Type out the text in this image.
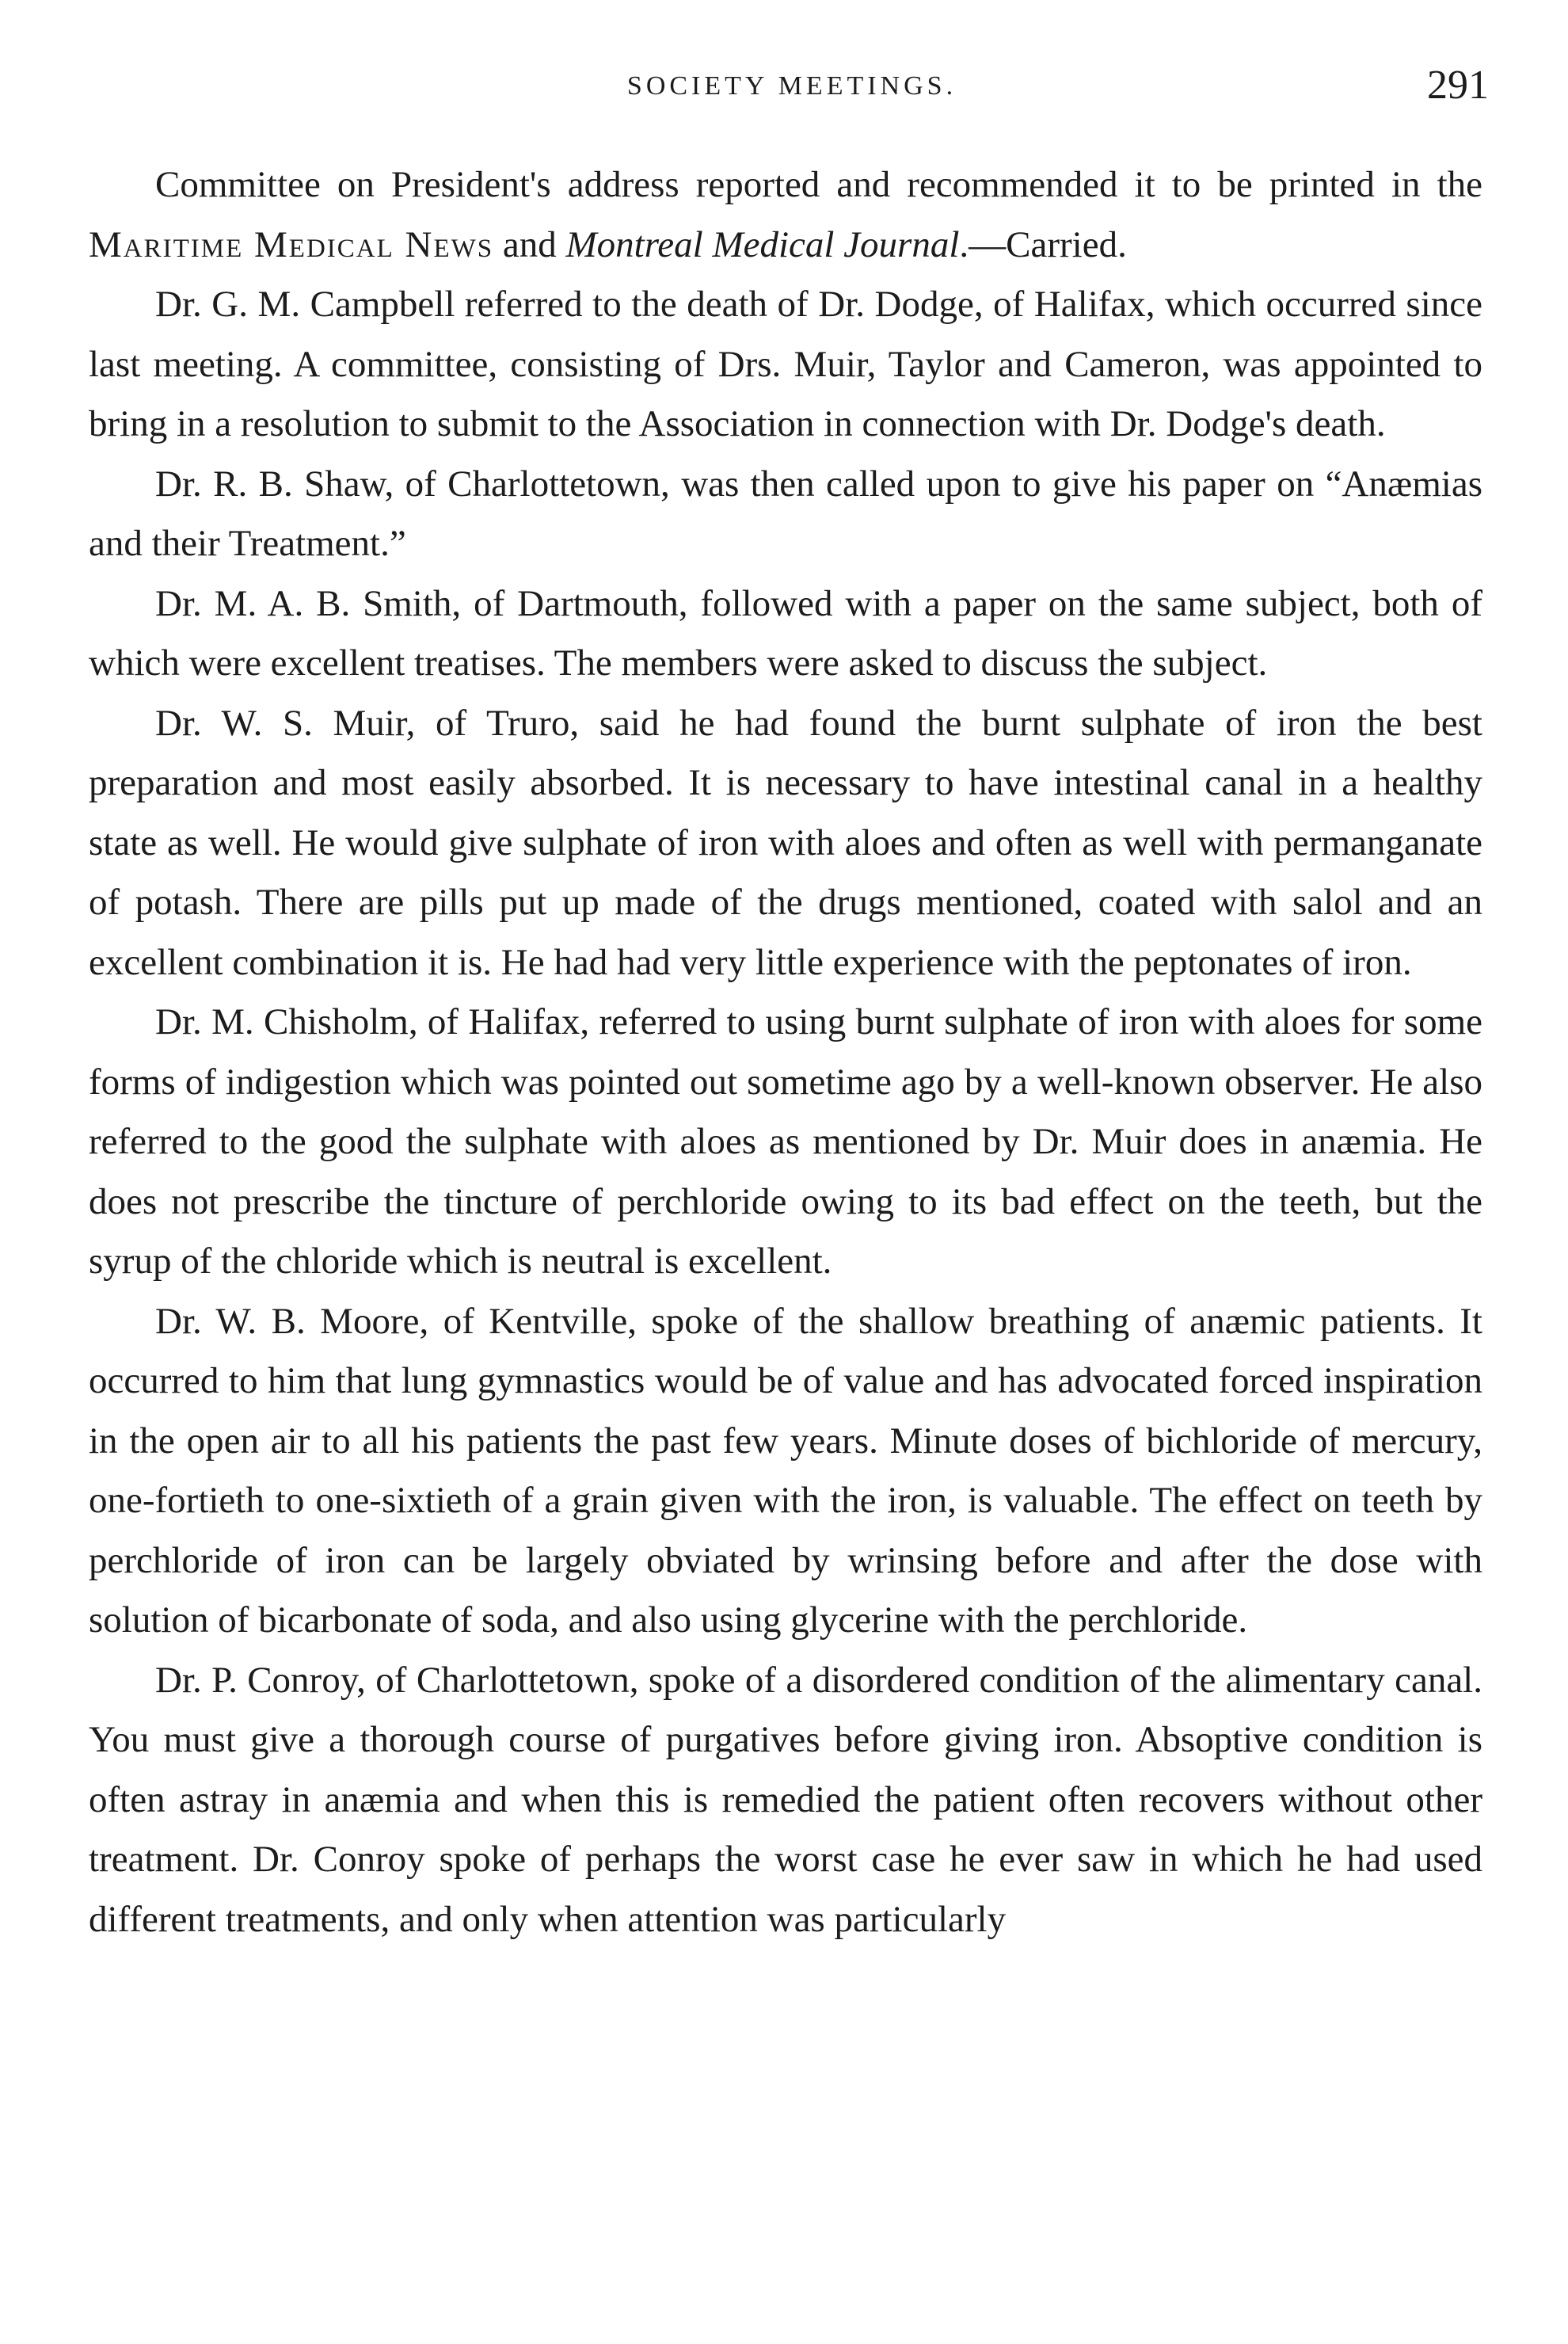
SOCIETY MEETINGS.	291

Committee on President's address reported and recommended it to be printed in the Maritime Medical News and Montreal Medical Journal.—Carried.

Dr. G. M. Campbell referred to the death of Dr. Dodge, of Halifax, which occurred since last meeting. A committee, consisting of Drs. Muir, Taylor and Cameron, was appointed to bring in a resolution to submit to the Association in connection with Dr. Dodge's death.

Dr. R. B. Shaw, of Charlottetown, was then called upon to give his paper on “Anæmias and their Treatment.”

Dr. M. A. B. Smith, of Dartmouth, followed with a paper on the same subject, both of which were excellent treatises. The members were asked to discuss the subject.

Dr. W. S. Muir, of Truro, said he had found the burnt sulphate of iron the best preparation and most easily absorbed. It is necessary to have intestinal canal in a healthy state as well. He would give sulphate of iron with aloes and often as well with permanganate of potash. There are pills put up made of the drugs mentioned, coated with salol and an excellent combination it is. He had had very little experience with the peptonates of iron.

Dr. M. Chisholm, of Halifax, referred to using burnt sulphate of iron with aloes for some forms of indigestion which was pointed out sometime ago by a well-known observer. He also referred to the good the sulphate with aloes as mentioned by Dr. Muir does in anæmia. He does not prescribe the tincture of perchloride owing to its bad effect on the teeth, but the syrup of the chloride which is neutral is excellent.

Dr. W. B. Moore, of Kentville, spoke of the shallow breathing of anæmic patients. It occurred to him that lung gymnastics would be of value and has advocated forced inspiration in the open air to all his patients the past few years. Minute doses of bichloride of mercury, one-fortieth to one-sixtieth of a grain given with the iron, is valuable. The effect on teeth by perchloride of iron can be largely obviated by wrinsing before and after the dose with solution of bicarbonate of soda, and also using glycerine with the perchloride.

Dr. P. Conroy, of Charlottetown, spoke of a disordered condition of the alimentary canal. You must give a thorough course of purgatives before giving iron. Absoptive condition is often astray in anæmia and when this is remedied the patient often recovers without other treatment. Dr. Conroy spoke of perhaps the worst case he ever saw in which he had used different treatments, and only when attention was particularly
